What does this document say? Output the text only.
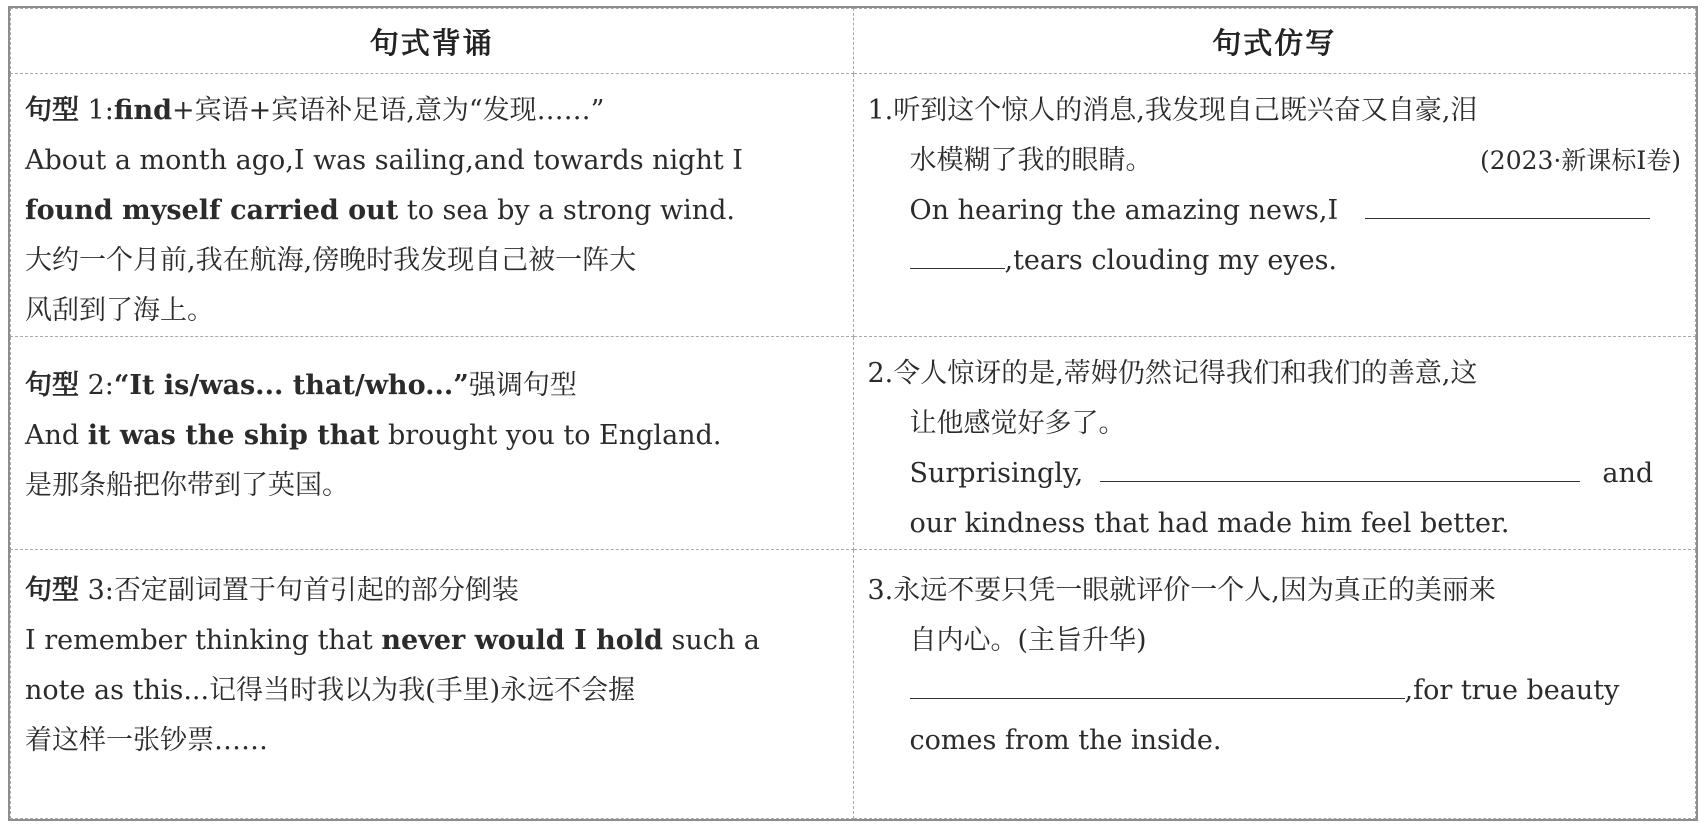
句式背诵	句式仿写

句型 1:find+宾语+宾语补足语,意为“发现……”
About a month ago,I was sailing,and towards night I
found myself carried out to sea by a strong wind.
大约一个月前,我在航海,傍晚时我发现自己被一阵大
风刮到了海上。	1.听到这个惊人的消息,我发现自己既兴奋又自豪,泪
水模糊了我的眼睛。 (2023·新课标Ⅰ卷)
On hearing the amazing news,I
,tears clouding my eyes.

句型 2:“It is/was... that/who...”强调句型
And it was the ship that brought you to England.
是那条船把你带到了英国。	2.令人惊讶的是,蒂姆仍然记得我们和我们的善意,这
让他感觉好多了。
Surprisingly, and
our kindness that had made him feel better.

句型 3:否定副词置于句首引起的部分倒装
I remember thinking that never would I hold such a
note as this...记得当时我以为我(手里)永远不会握
着这样一张钞票……	3.永远不要只凭一眼就评价一个人,因为真正的美丽来
自内心。(主旨升华)
,for true beauty
comes from the inside.
